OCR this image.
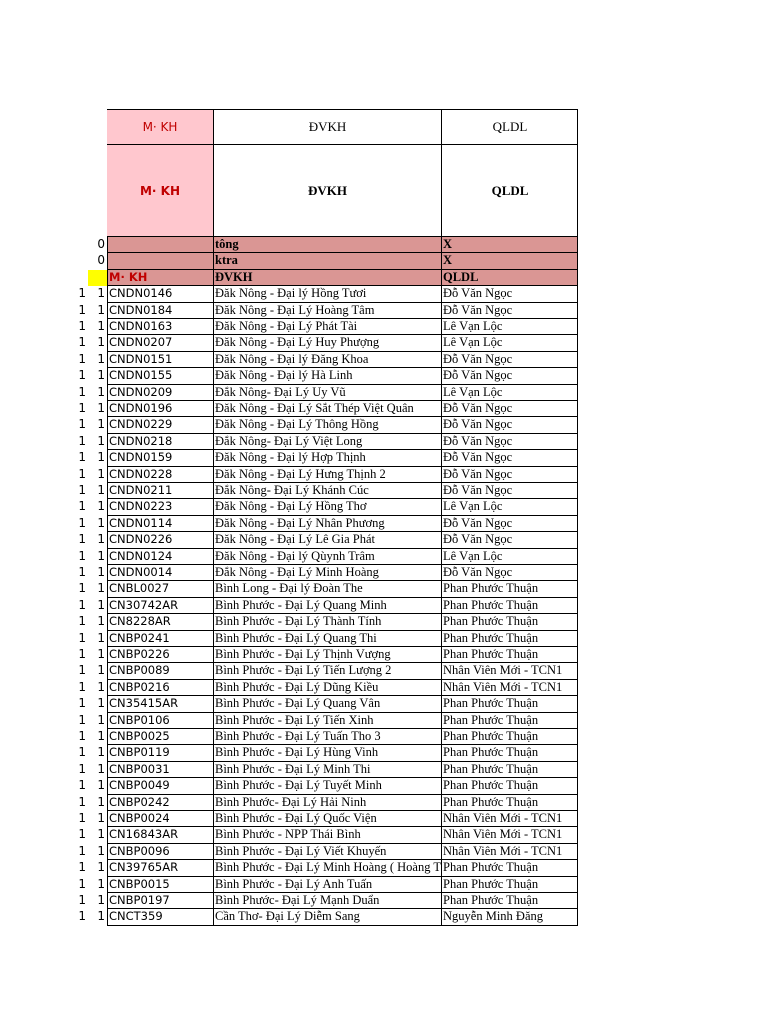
M· KH	ĐVKH	QLDL
M· KH	ĐVKH	QLDL
0	tông	X
0	ktra	X
M· KH	ĐVKH	QLDL
1 1 CNDN0146	Đăk Nông - Đại lý Hồng Tươi	Đỗ Văn Ngọc
1 1 CNDN0184	Đăk Nông - Đại Lý Hoàng Tâm	Đỗ Văn Ngọc
1 1 CNDN0163	Đăk Nông - Đại Lý Phát Tài	Lê Vạn Lộc
1 1 CNDN0207	Đăk Nông - Đại Lý Huy Phượng	Lê Vạn Lộc
1 1 CNDN0151	Đăk Nông - Đại lý Đăng Khoa	Đỗ Văn Ngọc
1 1 CNDN0155	Đăk Nông - Đại lý Hà Linh	Đỗ Văn Ngọc
1 1 CNDN0209	Đắk Nông- Đại Lý Uy Vũ	Lê Vạn Lộc
1 1 CNDN0196	Đăk Nông - Đại Lý Sắt Thép Việt Quân	Đỗ Văn Ngọc
1 1 CNDN0229	Đăk Nông - Đại Lý Thông Hồng	Đỗ Văn Ngọc
1 1 CNDN0218	Đắk Nông- Đại Lý Việt Long	Đỗ Văn Ngọc
1 1 CNDN0159	Đăk Nông - Đại lý Hợp Thịnh	Đỗ Văn Ngọc
1 1 CNDN0228	Đăk Nông - Đại Lý Hưng Thịnh 2	Đỗ Văn Ngọc
1 1 CNDN0211	Đắk Nông- Đại Lý Khánh Cúc	Đỗ Văn Ngọc
1 1 CNDN0223	Đăk Nông - Đại Lý Hồng Thơ	Lê Vạn Lộc
1 1 CNDN0114	Đăk Nông - Đại Lý Nhân Phương	Đỗ Văn Ngọc
1 1 CNDN0226	Đăk Nông - Đại Lý Lê Gia Phát	Đỗ Văn Ngọc
1 1 CNDN0124	Đăk Nông - Đại lý Qùynh Trâm	Lê Vạn Lộc
1 1 CNDN0014	Đắk Nông - Đại Lý Minh Hoàng	Đỗ Văn Ngọc
1 1 CNBL0027	Bình Long - Đại lý Đoàn The	Phan Phước Thuận
1 1 CN30742AR	Bình Phước - Đại Lý Quang Minh	Phan Phước Thuận
1 1 CN8228AR	Bình Phước - Đại Lý Thành Tính	Phan Phước Thuận
1 1 CNBP0241	Bình Phước - Đại Lý Quang Thi	Phan Phước Thuận
1 1 CNBP0226	Bình Phước - Đại Lý Thịnh Vượng	Phan Phước Thuận
1 1 CNBP0089	Bình Phước - Đại Lý Tiến Lượng 2	Nhân Viên Mới - TCN1
1 1 CNBP0216	Bình Phước - Đại Lý Dũng Kiều	Nhân Viên Mới - TCN1
1 1 CN35415AR	Bình Phước - Đại Lý Quang Vân	Phan Phước Thuận
1 1 CNBP0106	Bình Phước - Đại Lý Tiến Xinh	Phan Phước Thuận
1 1 CNBP0025	Bình Phước - Đại Lý Tuấn Tho 3	Phan Phước Thuận
1 1 CNBP0119	Bình Phước - Đại Lý Hùng Vinh	Phan Phước Thuận
1 1 CNBP0031	Bình Phước - Đại Lý Minh Thi	Phan Phước Thuận
1 1 CNBP0049	Bình Phước - Đại Lý Tuyết Minh	Phan Phước Thuận
1 1 CNBP0242	Bình Phước- Đại Lý Hải Ninh	Phan Phước Thuận
1 1 CNBP0024	Bình Phước - Đại Lý Quốc Viện	Nhân Viên Mới - TCN1
1 1 CN16843AR	Bình Phước - NPP Thái Bình	Nhân Viên Mới - TCN1
1 1 CNBP0096	Bình Phước - Đại Lý Viết Khuyến	Nhân Viên Mới - TCN1
1 1 CN39765AR	Bình Phước - Đại Lý Minh Hoàng ( Hoàng T Phan Phước Thuận
1 1 CNBP0015	Bình Phước - Đại Lý Anh Tuấn	Phan Phước Thuận
1 1 CNBP0197	Bình Phước- Đại Lý Mạnh Duẩn	Phan Phước Thuận
1 1 CNCT359	Cần Thơ- Đại Lý Diễm Sang	Nguyễn Minh Đăng
